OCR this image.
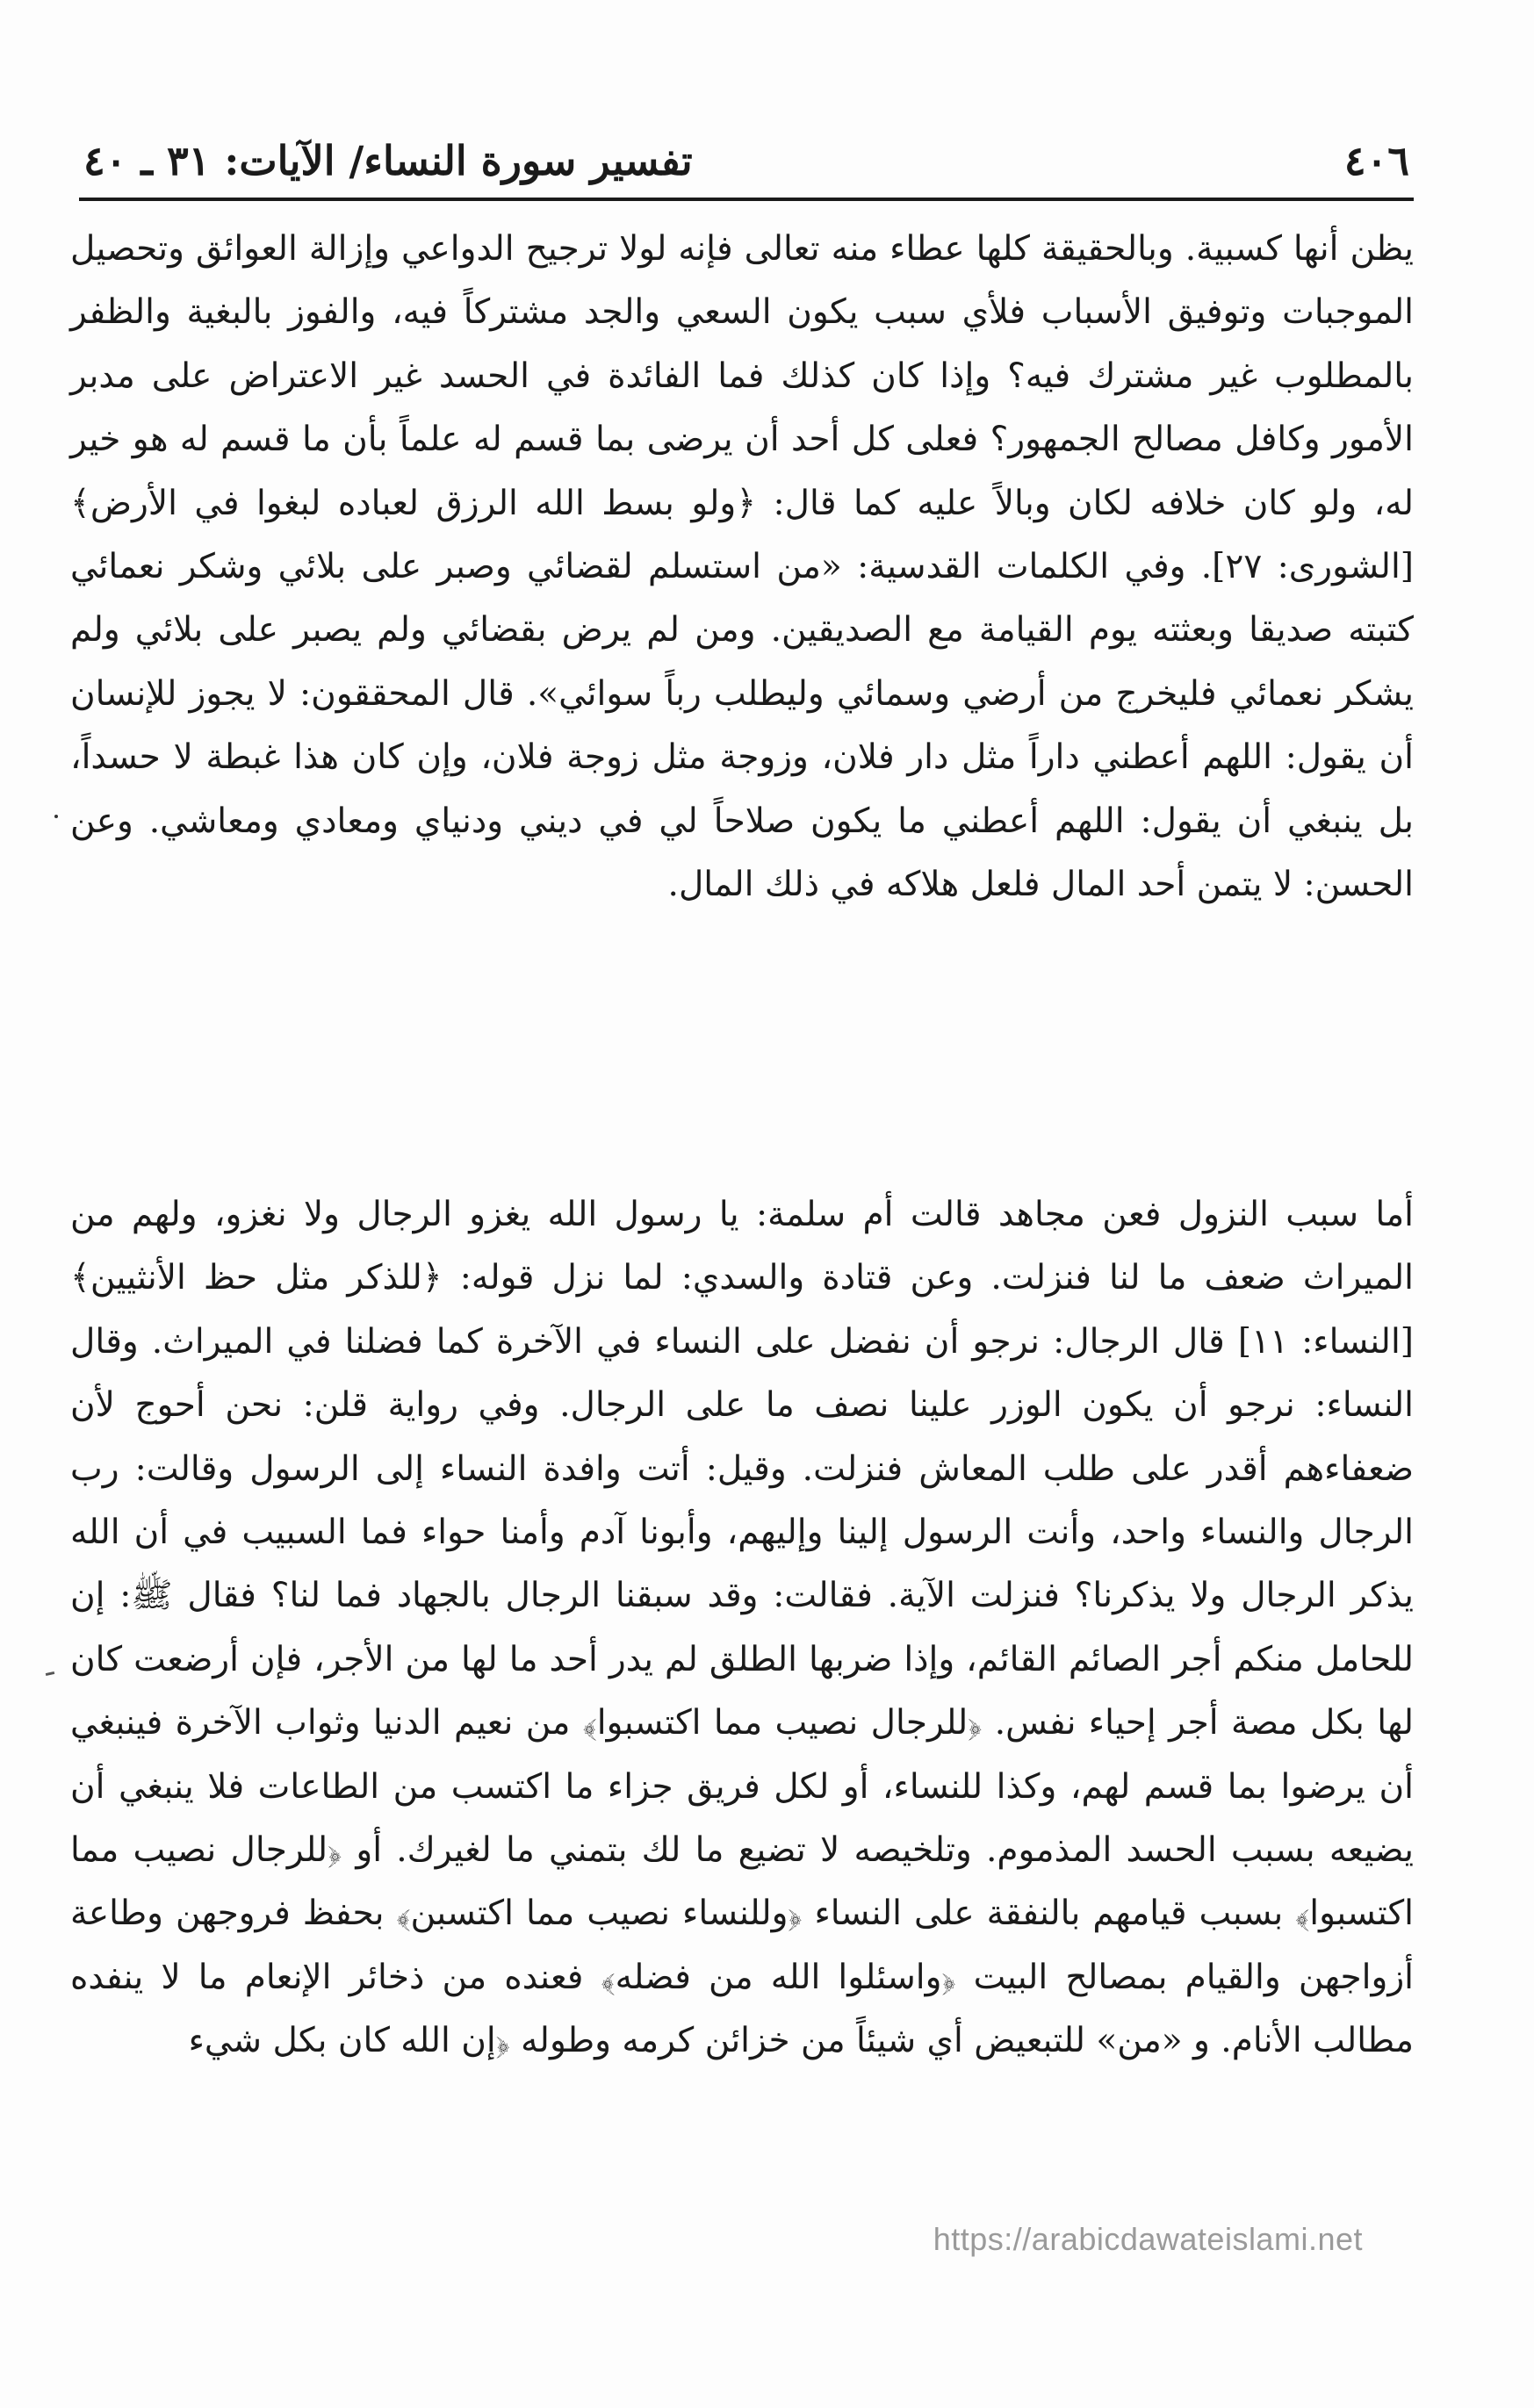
٤٠٦
تفسير سورة النساء/ الآيات: ٣١ ـ ٤٠

يظن أنها كسبية. وبالحقيقة كلها عطاء منه تعالى فإنه لولا ترجيح الدواعي وإزالة العوائق وتحصيل الموجبات وتوفيق الأسباب فلأي سبب يكون السعي والجد مشتركاً فيه، والفوز بالبغية والظفر بالمطلوب غير مشترك فيه؟ وإذا كان كذلك فما الفائدة في الحسد غير الاعتراض على مدبر الأمور وكافل مصالح الجمهور؟ فعلى كل أحد أن يرضى بما قسم له علماً بأن ما قسم له هو خير له، ولو كان خلافه لكان وبالاً عليه كما قال: ﴿ولو بسط الله الرزق لعباده لبغوا في الأرض﴾ [الشورى: ٢٧]. وفي الكلمات القدسية: «من استسلم لقضائي وصبر على بلائي وشكر نعمائي كتبته صديقا وبعثته يوم القيامة مع الصديقين. ومن لم يرض بقضائي ولم يصبر على بلائي ولم يشكر نعمائي فليخرج من أرضي وسمائي وليطلب رباً سوائي». قال المحققون: لا يجوز للإنسان أن يقول: اللهم أعطني داراً مثل دار فلان، وزوجة مثل زوجة فلان، وإن كان هذا غبطة لا حسداً، بل ينبغي أن يقول: اللهم أعطني ما يكون صلاحاً لي في ديني ودنياي ومعادي ومعاشي. وعن الحسن: لا يتمن أحد المال فلعل هلاكه في ذلك المال.

أما سبب النزول فعن مجاهد قالت أم سلمة: يا رسول الله يغزو الرجال ولا نغزو، ولهم من الميراث ضعف ما لنا فنزلت. وعن قتادة والسدي: لما نزل قوله: ﴿للذكر مثل حظ الأنثيين﴾ [النساء: ١١] قال الرجال: نرجو أن نفضل على النساء في الآخرة كما فضلنا في الميراث. وقال النساء: نرجو أن يكون الوزر علينا نصف ما على الرجال. وفي رواية قلن: نحن أحوج لأن ضعفاءهم أقدر على طلب المعاش فنزلت. وقيل: أتت وافدة النساء إلى الرسول وقالت: رب الرجال والنساء واحد، وأنت الرسول إلينا وإليهم، وأبونا آدم وأمنا حواء فما السبيب في أن الله يذكر الرجال ولا يذكرنا؟ فنزلت الآية. فقالت: وقد سبقنا الرجال بالجهاد فما لنا؟ فقال ﷺ: إن للحامل منكم أجر الصائم القائم، وإذا ضربها الطلق لم يدر أحد ما لها من الأجر، فإن أرضعت كان لها بكل مصة أجر إحياء نفس. ﴿للرجال نصيب مما اكتسبوا﴾ من نعيم الدنيا وثواب الآخرة فينبغي أن يرضوا بما قسم لهم، وكذا للنساء، أو لكل فريق جزاء ما اكتسب من الطاعات فلا ينبغي أن يضيعه بسبب الحسد المذموم. وتلخيصه لا تضيع ما لك بتمني ما لغيرك. أو ﴿للرجال نصيب مما اكتسبوا﴾ بسبب قيامهم بالنفقة على النساء ﴿وللنساء نصيب مما اكتسبن﴾ بحفظ فروجهن وطاعة أزواجهن والقيام بمصالح البيت ﴿واسئلوا الله من فضله﴾ فعنده من ذخائر الإنعام ما لا ينفده مطالب الأنام. و «من» للتبعيض أي شيئاً من خزائن كرمه وطوله ﴿إن الله كان بكل شيء

https://arabicdawateislami.net
